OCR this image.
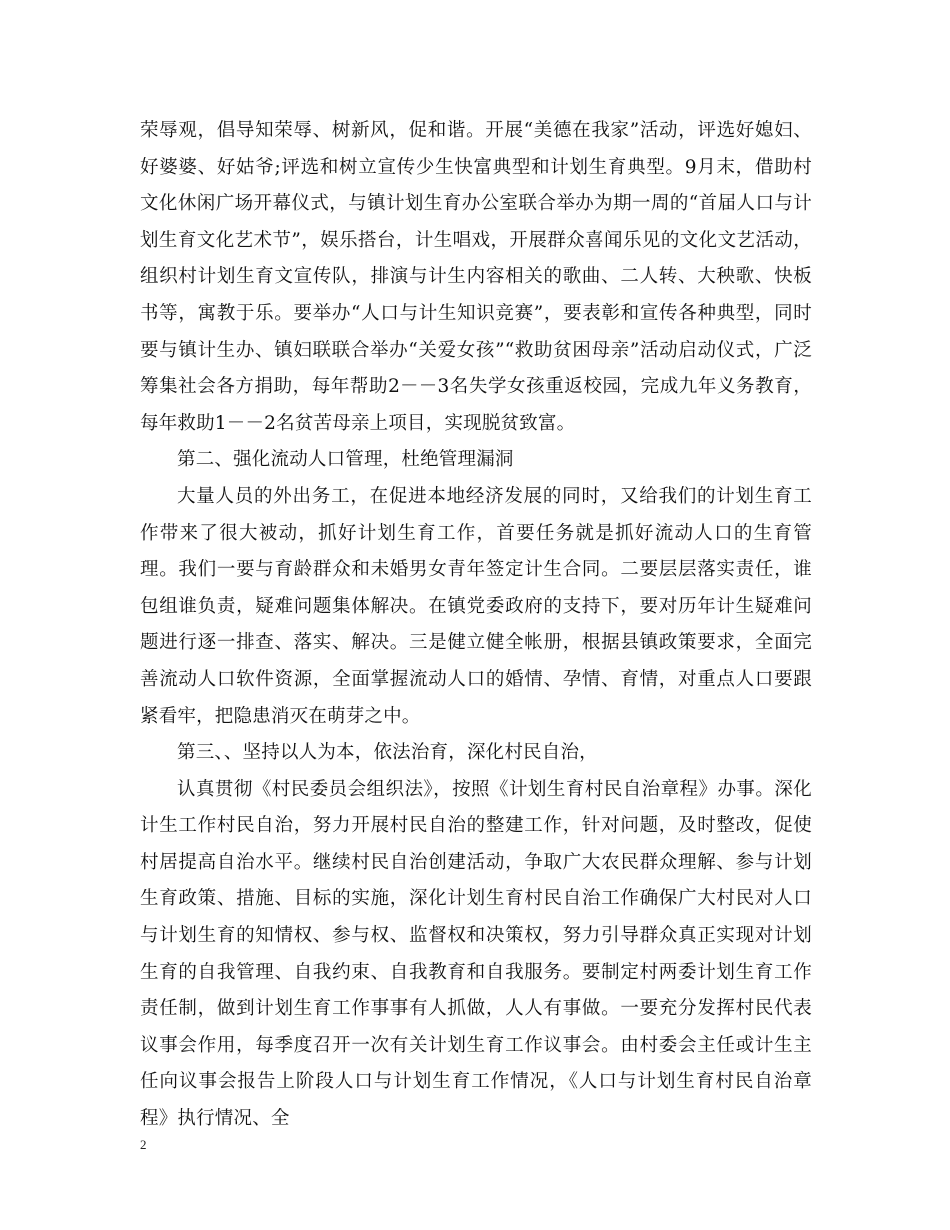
荣辱观，倡导知荣辱、树新风，促和谐。开展“美德在我家”活动，评选好媳妇、好婆婆、好姑爷;评选和树立宣传少生快富典型和计划生育典型。9月末，借助村文化休闲广场开幕仪式，与镇计划生育办公室联合举办为期一周的“首届人口与计划生育文化艺术节”，娱乐搭台，计生唱戏，开展群众喜闻乐见的文化文艺活动，组织村计划生育文宣传队，排演与计生内容相关的歌曲、二人转、大秧歌、快板书等，寓教于乐。要举办“人口与计生知识竞赛”，要表彰和宣传各种典型，同时要与镇计生办、镇妇联联合举办“关爱女孩”“救助贫困母亲”活动启动仪式，广泛筹集社会各方捐助，每年帮助2－－3名失学女孩重返校园，完成九年义务教育，每年救助1－－2名贫苦母亲上项目，实现脱贫致富。

第二、强化流动人口管理，杜绝管理漏洞

大量人员的外出务工，在促进本地经济发展的同时，又给我们的计划生育工作带来了很大被动，抓好计划生育工作，首要任务就是抓好流动人口的生育管理。我们一要与育龄群众和未婚男女青年签定计生合同。二要层层落实责任，谁包组谁负责，疑难问题集体解决。在镇党委政府的支持下，要对历年计生疑难问题进行逐一排查、落实、解决。三是健立健全帐册，根据县镇政策要求，全面完善流动人口软件资源，全面掌握流动人口的婚情、孕情、育情，对重点人口要跟紧看牢，把隐患消灭在萌芽之中。

第三、、坚持以人为本，依法治育，深化村民自治，

认真贯彻《村民委员会组织法》，按照《计划生育村民自治章程》办事。深化计生工作村民自治，努力开展村民自治的整建工作，针对问题，及时整改，促使村居提高自治水平。继续村民自治创建活动，争取广大农民群众理解、参与计划生育政策、措施、目标的实施，深化计划生育村民自治工作确保广大村民对人口与计划生育的知情权、参与权、监督权和决策权，努力引导群众真正实现对计划生育的自我管理、自我约束、自我教育和自我服务。要制定村两委计划生育工作责任制，做到计划生育工作事事有人抓做，人人有事做。一要充分发挥村民代表议事会作用，每季度召开一次有关计划生育工作议事会。由村委会主任或计生主任向议事会报告上阶段人口与计划生育工作情况，《人口与计划生育村民自治章程》执行情况、全

2
